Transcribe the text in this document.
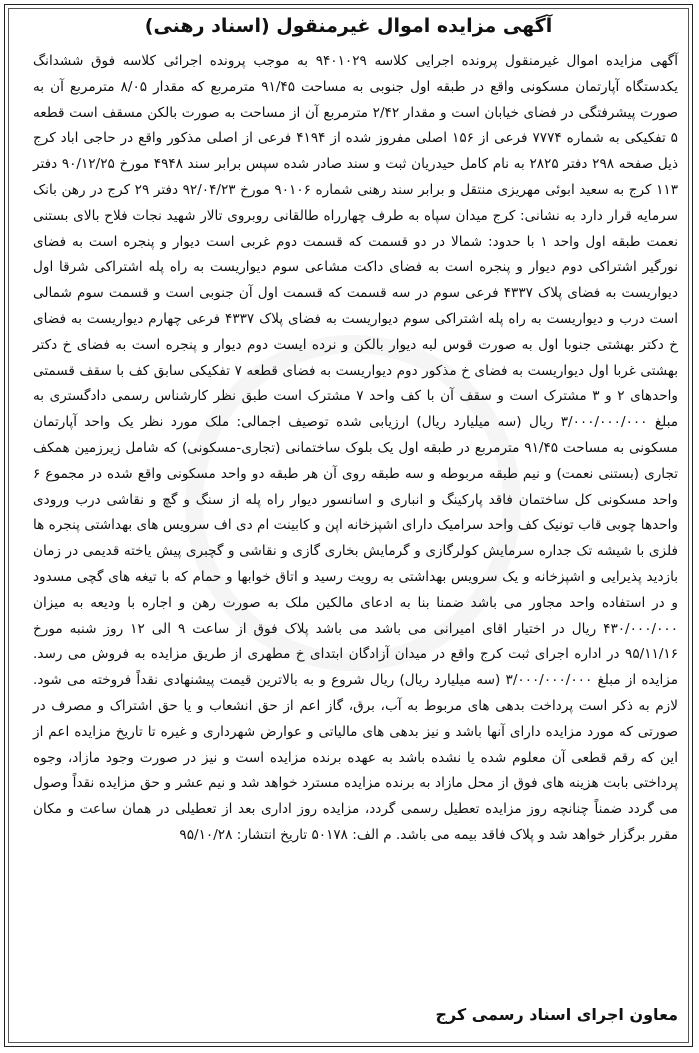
آگهی مزایده اموال غیرمنقول (اسناد رهنی)

آگهی مزایده اموال غیرمنقول پرونده اجرایی کلاسه ۹۴۰۱۰۲۹ به موجب پرونده اجرائی کلاسه فوق ششدانگ یکدستگاه آپارتمان مسکونی واقع در طبقه اول جنوبی به مساحت ۹۱/۴۵ مترمربع که مقدار ۸/۰۵ مترمربع آن به صورت پیشرفتگی در فضای خیابان است و مقدار ۲/۴۲ مترمربع آن از مساحت به صورت بالکن مسقف است قطعه ۵ تفکیکی به شماره ۷۷۷۴ فرعی از ۱۵۶ اصلی مفروز شده از ۴۱۹۴ فرعی از اصلی مذکور واقع در حاجی اباد کرج ذیل صفحه ۲۹۸ دفتر ۲۸۲۵ به نام کامل حیدریان ثبت و سند صادر شده سپس برابر سند ۴۹۴۸ مورخ ۹۰/۱۲/۲۵ دفتر ۱۱۳ کرج به سعید ابوئی مهریزی منتقل و برابر سند رهنی شماره ۹۰۱۰۶ مورخ ۹۲/۰۴/۲۳ دفتر ۲۹ کرج در رهن بانک سرمایه قرار دارد به نشانی: کرج میدان سپاه به طرف چهارراه طالقانی روبروی تالار شهید نجات فلاح بالای بستنی نعمت طبقه اول واحد ۱ با حدود: شمالا در دو قسمت که قسمت دوم غربی است دیوار و پنجره است به فضای نورگیر اشتراکی دوم دیوار و پنجره است به فضای داکت مشاعی سوم دیواریست به راه پله اشتراکی شرقا اول دیواریست به فضای پلاک ۴۳۳۷ فرعی سوم در سه قسمت که قسمت اول آن جنوبی است و قسمت سوم شمالی است درب و دیواریست به راه پله اشتراکی سوم دیواریست به فضای پلاک ۴۳۳۷ فرعی چهارم دیواریست به فضای خ دکتر بهشتی جنوبا اول به صورت قوس لبه دیوار بالکن و نرده ایست دوم دیوار و پنجره است به فضای خ دکتر بهشتی غربا اول دیواریست به فضای خ مذکور دوم دیواریست به فضای قطعه ۷ تفکیکی سابق کف با سقف قسمتی واحدهای ۲ و ۳ مشترک است و سقف آن با کف واحد ۷ مشترک است طبق نظر کارشناس رسمی دادگستری به مبلغ ۳/۰۰۰/۰۰۰/۰۰۰ ریال (سه میلیارد ریال) ارزیابی شده توصیف اجمالی: ملک مورد نظر یک واحد آپارتمان مسکونی به مساحت ۹۱/۴۵ مترمربع در طبقه اول یک بلوک ساختمانی (تجاری-مسکونی) که شامل زیرزمین همکف تجاری (بستنی نعمت) و نیم طبقه مربوطه و سه طبقه روی آن هر طبقه دو واحد مسکونی واقع شده در مجموع ۶ واحد مسکونی کل ساختمان فاقد پارکینگ و انباری و اسانسور دیوار راه پله از سنگ و گچ و نقاشی درب ورودی واحدها چوبی قاب تونیک کف واحد سرامیک دارای اشپزخانه اپن و کابینت ام دی اف سرویس های بهداشتی پنجره ها فلزی با شیشه تک جداره سرمایش کولرگازی و گرمایش بخاری گازی و نقاشی و گچبری پیش یاخته قدیمی در زمان بازدید پذیرایی و اشپزخانه و یک سرویس بهداشتی به رویت رسید و اتاق خوابها و حمام که با تیغه های گچی مسدود و در استفاده واحد مجاور می باشد ضمنا بنا به ادعای مالکین ملک به صورت رهن و اجاره با ودیعه به میزان ۴۳۰/۰۰۰/۰۰۰ ریال در اختیار اقای امیرانی می باشد می باشد پلاک فوق از ساعت ۹ الی ۱۲ روز شنبه مورخ ۹۵/۱۱/۱۶ در اداره اجرای ثبت کرج واقع در میدان آزادگان ابتدای خ مطهری از طریق مزایده به فروش می رسد. مزایده از مبلغ ۳/۰۰۰/۰۰۰/۰۰۰ (سه میلیارد ریال) ریال شروع و به بالاترین قیمت پیشنهادی نقداً فروخته می شود. لازم به ذکر است پرداخت بدهی های مربوط به آب، برق، گاز اعم از حق انشعاب و یا حق اشتراک و مصرف در صورتی که مورد مزایده دارای آنها باشد و نیز بدهی های مالیاتی و عوارض شهرداری و غیره تا تاریخ مزایده اعم از این که رقم قطعی آن معلوم شده یا نشده باشد به عهده برنده مزایده است و نیز در صورت وجود مازاد، وجوه پرداختی بابت هزینه های فوق از محل مازاد به برنده مزایده مسترد خواهد شد و نیم عشر و حق مزایده نقداً وصول می گردد ضمناً چنانچه روز مزایده تعطیل رسمی گردد، مزایده روز اداری بعد از تعطیلی در همان ساعت و مکان مقرر برگزار خواهد شد و پلاک فاقد بیمه می باشد. م الف: ۵۰۱۷۸ تاریخ انتشار: ۹۵/۱۰/۲۸

معاون اجرای اسناد رسمی کرج
